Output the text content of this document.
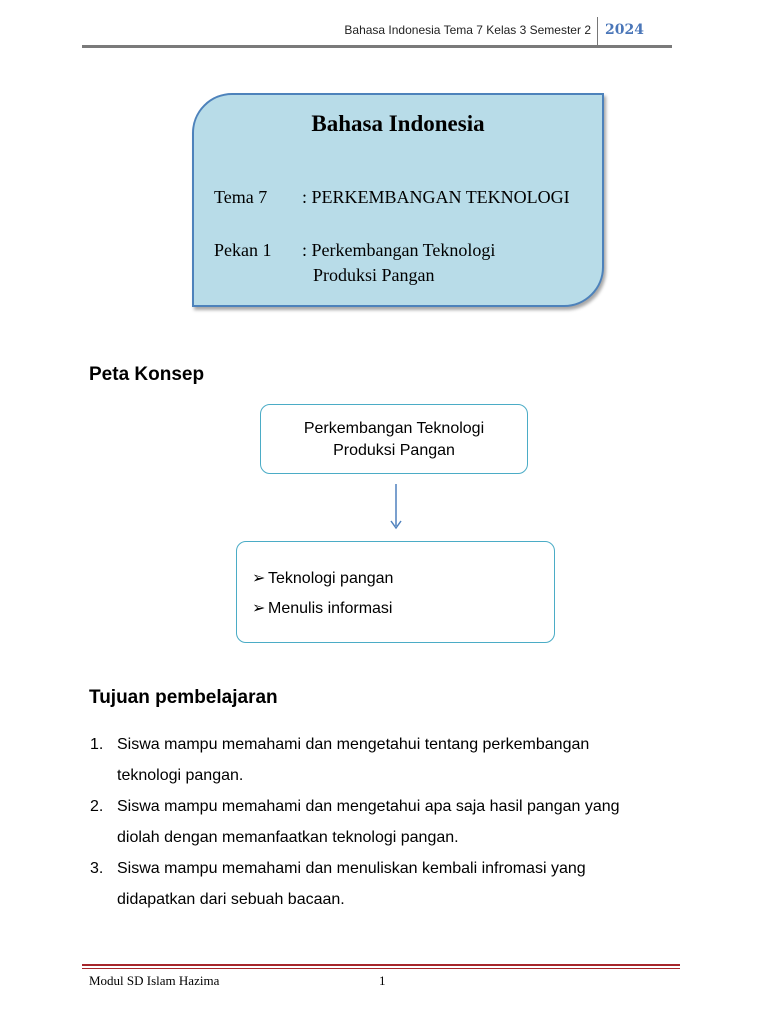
Bahasa Indonesia Tema 7 Kelas 3 Semester 2 2024
Bahasa Indonesia
Tema 7 : PERKEMBANGAN TEKNOLOGI
Pekan 1 : Perkembangan Teknologi
Produksi Pangan
Peta Konsep
Perkembangan Teknologi
Produksi Pangan
➢ Teknologi pangan
➢ Menulis informasi
Tujuan pembelajaran
1. Siswa mampu memahami dan mengetahui tentang perkembangan
teknologi pangan.
2. Siswa mampu memahami dan mengetahui apa saja hasil pangan yang
diolah dengan memanfaatkan teknologi pangan.
3. Siswa mampu memahami dan menuliskan kembali infromasi yang
didapatkan dari sebuah bacaan.
Modul SD Islam Hazima	1
